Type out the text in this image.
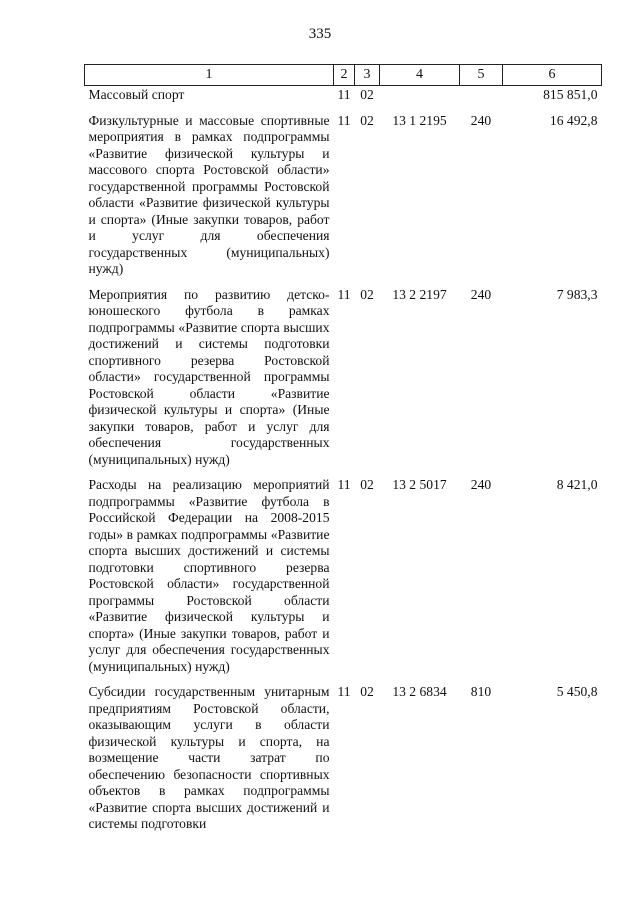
335
1	2	3	4	5	6
Массовый спорт	11	02			815 851,0
Физкультурные и массовые спортивные мероприятия в рамках подпрограммы «Развитие физической культуры и массового спорта Ростовской области» государственной программы Ростовской области «Развитие физической культуры и спорта» (Иные закупки товаров, работ и услуг для обеспечения государственных (муниципальных) нужд)	11	02	13 1 2195	240	16 492,8
Мероприятия по развитию детско-юношеского футбола в рамках подпрограммы «Развитие спорта высших достижений и системы подготовки спортивного резерва Ростовской области» государственной программы Ростовской области «Развитие физической культуры и спорта» (Иные закупки товаров, работ и услуг для обеспечения государственных (муниципальных) нужд)	11	02	13 2 2197	240	7 983,3
Расходы на реализацию мероприятий подпрограммы «Развитие футбола в Российской Федерации на 2008-2015 годы» в рамках подпрограммы «Развитие спорта высших достижений и системы подготовки спортивного резерва Ростовской области» государственной программы Ростовской области «Развитие физической культуры и спорта» (Иные закупки товаров, работ и услуг для обеспечения государственных (муниципальных) нужд)	11	02	13 2 5017	240	8 421,0
Субсидии государственным унитарным предприятиям Ростовской области, оказывающим услуги в области физической культуры и спорта, на возмещение части затрат по обеспечению безопасности спортивных объектов в рамках подпрограммы «Развитие спорта высших достижений и системы подготовки	11	02	13 2 6834	810	5 450,8
